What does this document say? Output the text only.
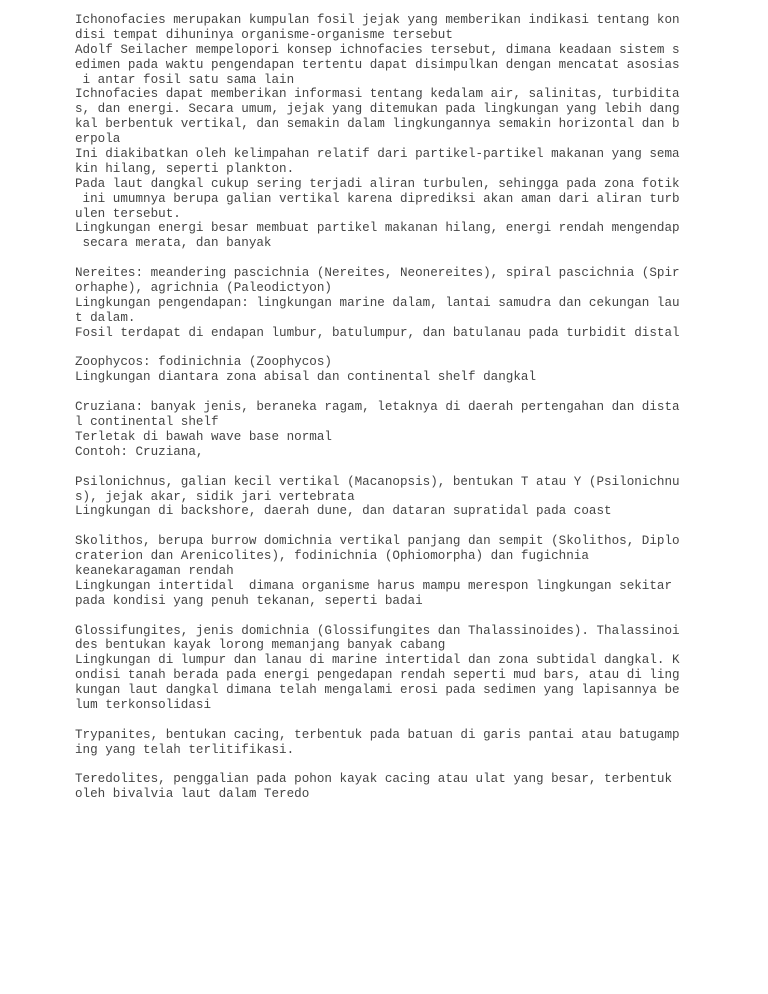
Ichonofacies merupakan kumpulan fosil jejak yang memberikan indikasi tentang kon
disi tempat dihuninya organisme-organisme tersebut
Adolf Seilacher mempelopori konsep ichnofacies tersebut, dimana keadaan sistem s
edimen pada waktu pengendapan tertentu dapat disimpulkan dengan mencatat asosias
i antar fosil satu sama lain
Ichnofacies dapat memberikan informasi tentang kedalam air, salinitas, turbidita
s, dan energi. Secara umum, jejak yang ditemukan pada lingkungan yang lebih dang
kal berbentuk vertikal, dan semakin dalam lingkungannya semakin horizontal dan b
erpola
Ini diakibatkan oleh kelimpahan relatif dari partikel-partikel makanan yang sema
kin hilang, seperti plankton.
Pada laut dangkal cukup sering terjadi aliran turbulen, sehingga pada zona fotik
ini umumnya berupa galian vertikal karena diprediksi akan aman dari aliran turb
ulen tersebut.
Lingkungan energi besar membuat partikel makanan hilang, energi rendah mengendap
secara merata, dan banyak
Nereites: meandering pascichnia (Nereites, Neonereites), spiral pascichnia (Spir
orhaphe), agrichnia (Paleodictyon)
Lingkungan pengendapan: lingkungan marine dalam, lantai samudra dan cekungan lau
t dalam.
Fosil terdapat di endapan lumbur, batulumpur, dan batulanau pada turbidit distal
Zoophycos: fodinichnia (Zoophycos)
Lingkungan diantara zona abisal dan continental shelf dangkal
Cruziana: banyak jenis, beraneka ragam, letaknya di daerah pertengahan dan dista
l continental shelf
Terletak di bawah wave base normal
Contoh: Cruziana,
Psilonichnus, galian kecil vertikal (Macanopsis), bentukan T atau Y (Psilonichnu
s), jejak akar, sidik jari vertebrata
Lingkungan di backshore, daerah dune, dan dataran supratidal pada coast
Skolithos, berupa burrow domichnia vertikal panjang dan sempit (Skolithos, Diplo
craterion dan Arenicolites), fodinichnia (Ophiomorpha) dan fugichnia
keanekaragaman rendah
Lingkungan intertidal  dimana organisme harus mampu merespon lingkungan sekitar
pada kondisi yang penuh tekanan, seperti badai
Glossifungites, jenis domichnia (Glossifungites dan Thalassinoides). Thalassinoi
des bentukan kayak lorong memanjang banyak cabang
Lingkungan di lumpur dan lanau di marine intertidal dan zona subtidal dangkal. K
ondisi tanah berada pada energi pengedapan rendah seperti mud bars, atau di ling
kungan laut dangkal dimana telah mengalami erosi pada sedimen yang lapisannya be
lum terkonsolidasi
Trypanites, bentukan cacing, terbentuk pada batuan di garis pantai atau batugamp
ing yang telah terlitifikasi.
Teredolites, penggalian pada pohon kayak cacing atau ulat yang besar, terbentuk
oleh bivalvia laut dalam Teredo
